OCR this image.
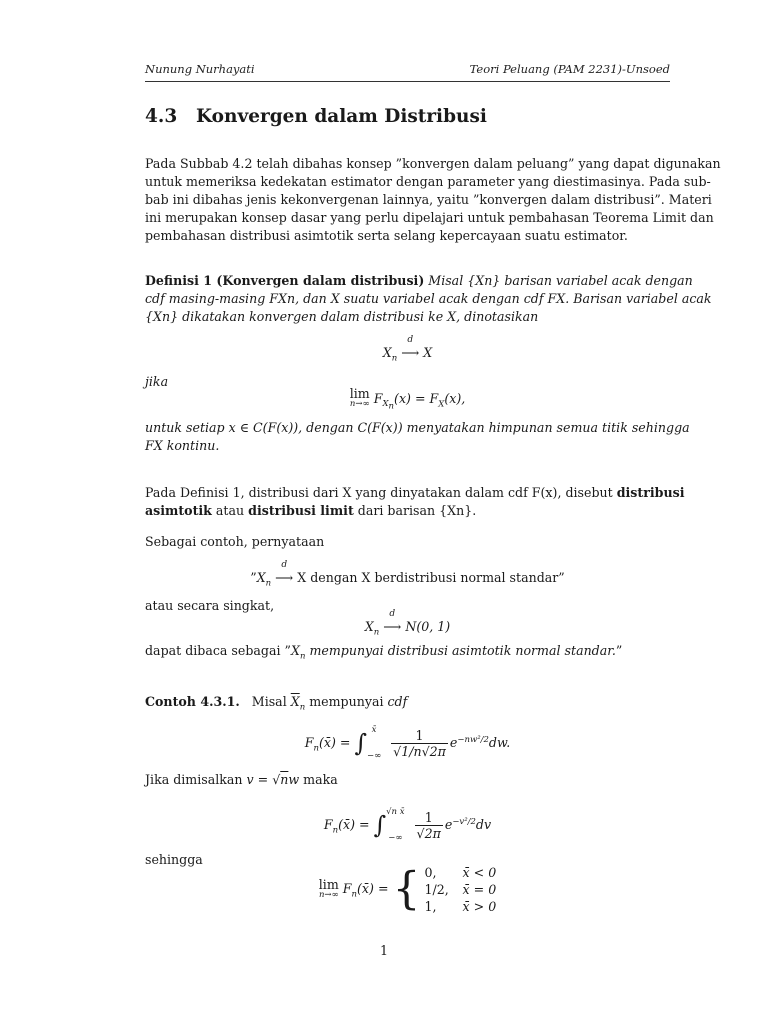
Nunung Nurhayati	Teori Peluang (PAM 2231)-Unsoed
4.3 Konvergen dalam Distribusi
Pada Subbab 4.2 telah dibahas konsep ”konvergen dalam peluang” yang dapat digunakan
untuk memeriksa kedekatan estimator dengan parameter yang diestimasinya. Pada sub-
bab ini dibahas jenis kekonvergenan lainnya, yaitu ”konvergen dalam distribusi”. Materi
ini merupakan konsep dasar yang perlu dipelajari untuk pembahasan Teorema Limit dan
pembahasan distribusi asimtotik serta selang kepercayaan suatu estimator.
Definisi 1 (Konvergen dalam distribusi) Misal {Xn} barisan variabel acak dengan
cdf masing-masing FXn, dan X suatu variabel acak dengan cdf FX. Barisan variabel acak
{Xn} dikatakan konvergen dalam distribusi ke X, dinotasikan
$X_n$
d
⟶ X
jika
lim
n→∞ $F_{X_n}(x) = F_X(x)$,
untuk setiap x ∈ C(F(x)), dengan C(F(x)) menyatakan himpunan semua titik sehingga
FX kontinu.
Pada Definisi 1, distribusi dari X yang dinyatakan dalam cdf F(x), disebut distribusi
asimtotik atau distribusi limit dari barisan {Xn}.
Sebagai contoh, pernyataan
$”X_n$
d
⟶ X dengan X berdistribusi normal standar”
atau secara singkat,
$X_n$
d
⟶ N(0, 1)
dapat dibaca sebagai $”X_n$ mempunyai distribusi asimtotik normal standar.”
Contoh 4.3.1. Misal $\overline{X}_n$ mempunyai cdf
$F_n(x̄)$ = ∫ x̄
−∞
$\frac{1}{√1/n√2\pi} e^{-nw^2/2}dw$.
Jika dimisalkan v = √nw maka
$F_n(x̄)$ = ∫ √n x̄
−∞
$\frac{1}{√2\pi} e^{-v^2/2}dv$
sehingga
lim
n→∞ $F_n(x̄)$ = { 0, x̄ < 0
1/2, x̄ = 0
1, x̄ > 0
1
